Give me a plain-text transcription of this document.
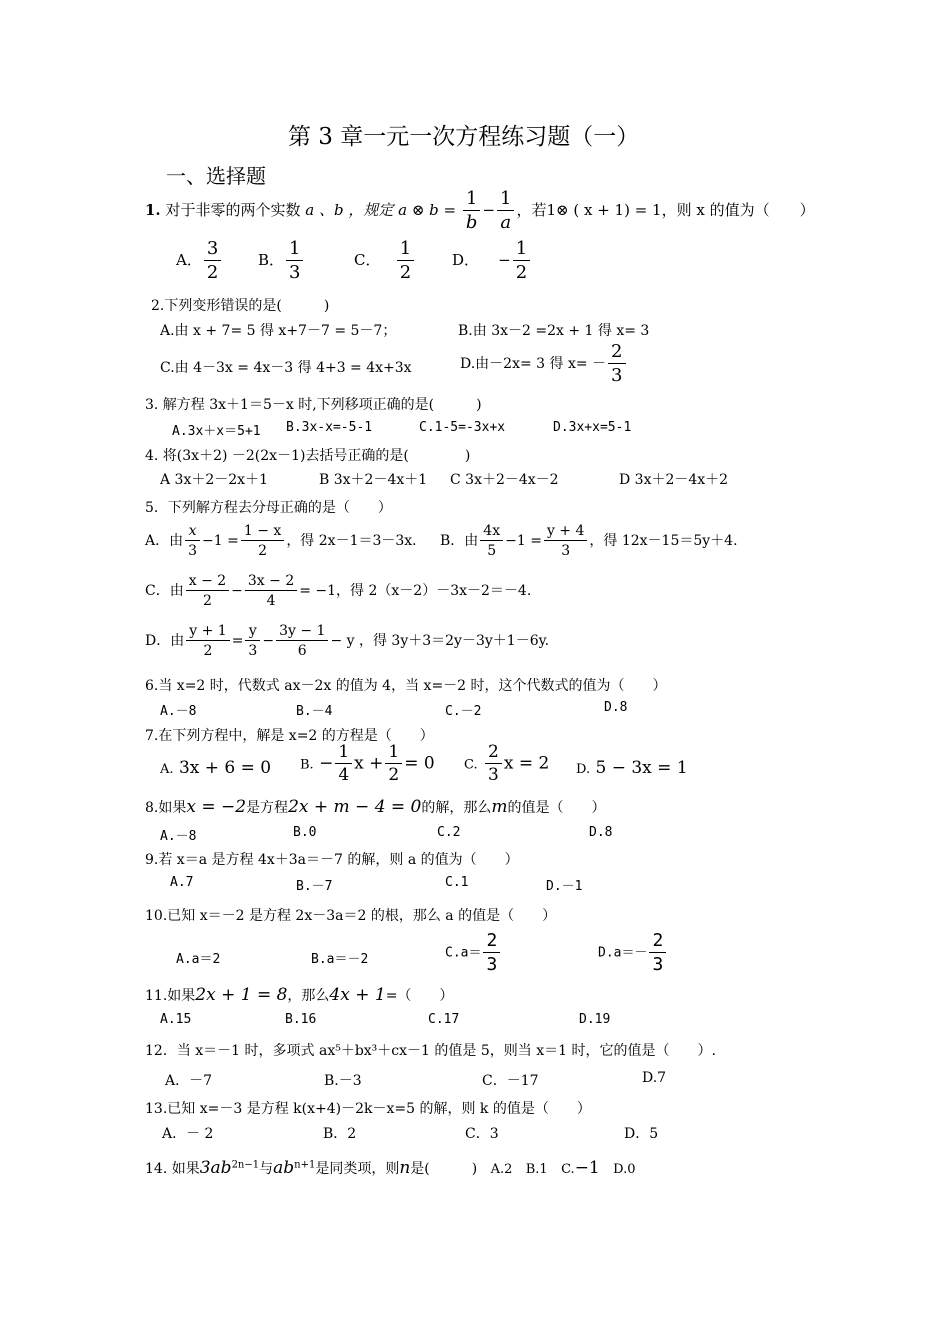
第 3 章一元一次方程练习题（一）
一、选择题
1. 对于非零的两个实数 a 、b ，规定 a ⊗ $b = \frac{1}{b} - \frac{1}{a}$ ，若1⊗ ( x + 1) = 1，则 x 的值为（　　）
A． $\frac{3}{2}$ B． $\frac{1}{3}$	C． $\frac{1}{2}$	D． − $\frac{1}{2}$
2.下列变形错误的是(　　　)
A.由 x + 7= 5 得 x+7－7 = 5－7；	B.由 3x－2 =2x + 1 得 x= 3
C.由 4－3x = 4x－3 得 4+3 = 4x+3x	D.由－2x= 3 得 $x= - \frac{2}{3}$
3. 解方程 3x＋1＝5－x 时,下列移项正确的是(　　　)
A.3x＋x＝5+1 B.3x-x=-5-1	C.1-5=-3x+x	D.3x+x=5-1
4. 将(3x＋2) －2(2x－1)去括号正确的是(　　　　)
A 3x＋2－2x＋1	B 3x＋2－4x＋1 C 3x＋2－4x－2	D 3x＋2－4x＋2
5．下列解方程去分母正确的是（　　）
A．由 $\frac{x}{3} -1 = \frac{1 - x}{2}$ ，得 2x－1＝3－3x． B．由 $\frac{4x}{5} -1 = \frac{y + 4}{3}$ ，得 12x－15＝5y＋4.
C．由 $\frac{x - 2}{2} - \frac{3x - 2}{4} = -1$，得 2（x－2）－3x－2＝－4.
D．由 $\frac{y + 1}{2} = \frac{y}{3} - \frac{3y - 1}{6} - y$ ，得 3y＋3＝2y－3y＋1－6y.
6.当 x=2 时，代数式 ax－2x 的值为 4，当 x=－2 时，这个代数式的值为（　　）
A.－8	B.－4	C.－2	D.8
7.在下列方程中，解是 x=2 的方程是（　　）
A. 3x + 6 = 0 B. − $\frac{1}{4}$ $x + \frac{1}{2} = 0$ C. $\frac{2}{3}$ x = 2 D. 5 − 3x = 1
8.如果x = −2是方程2x + m − 4 = 0的解，那么m的值是（　　）
A.－8	B.0	C.2	D.8
9.若 x＝a 是方程 4x＋3a＝－7 的解，则 a 的值为（　　）
A.7	B.－7	C.1	D.－1
10.已知 x＝－2 是方程 2x－3a＝2 的根，那么 a 的值是（　　）
A.a＝2	B.a＝－2	$C.a= \frac{2}{3}$	$D.a=- \frac{2}{3}$
11.如果2x + 1 = 8，那么4x + 1=（　　）
A.15	B.16	C.17	D.19
12．当 x＝－1 时，多项式 ax⁵＋bx³＋cx－1 的值是 5，则当 x＝1 时，它的值是（　　）.
A．－7	B.－3	C．－17	D.7
13.已知 x=－3 是方程 k(x+4)－2k－x=5 的解，则 k 的值是（　　）
A．－ 2	B．2	C．3	D．5
14. 如果$3ab^{2n-1}$与$ab^{n+1}$是同类项，则n是(　　　) A.2 B.1 C.−1 D.0
